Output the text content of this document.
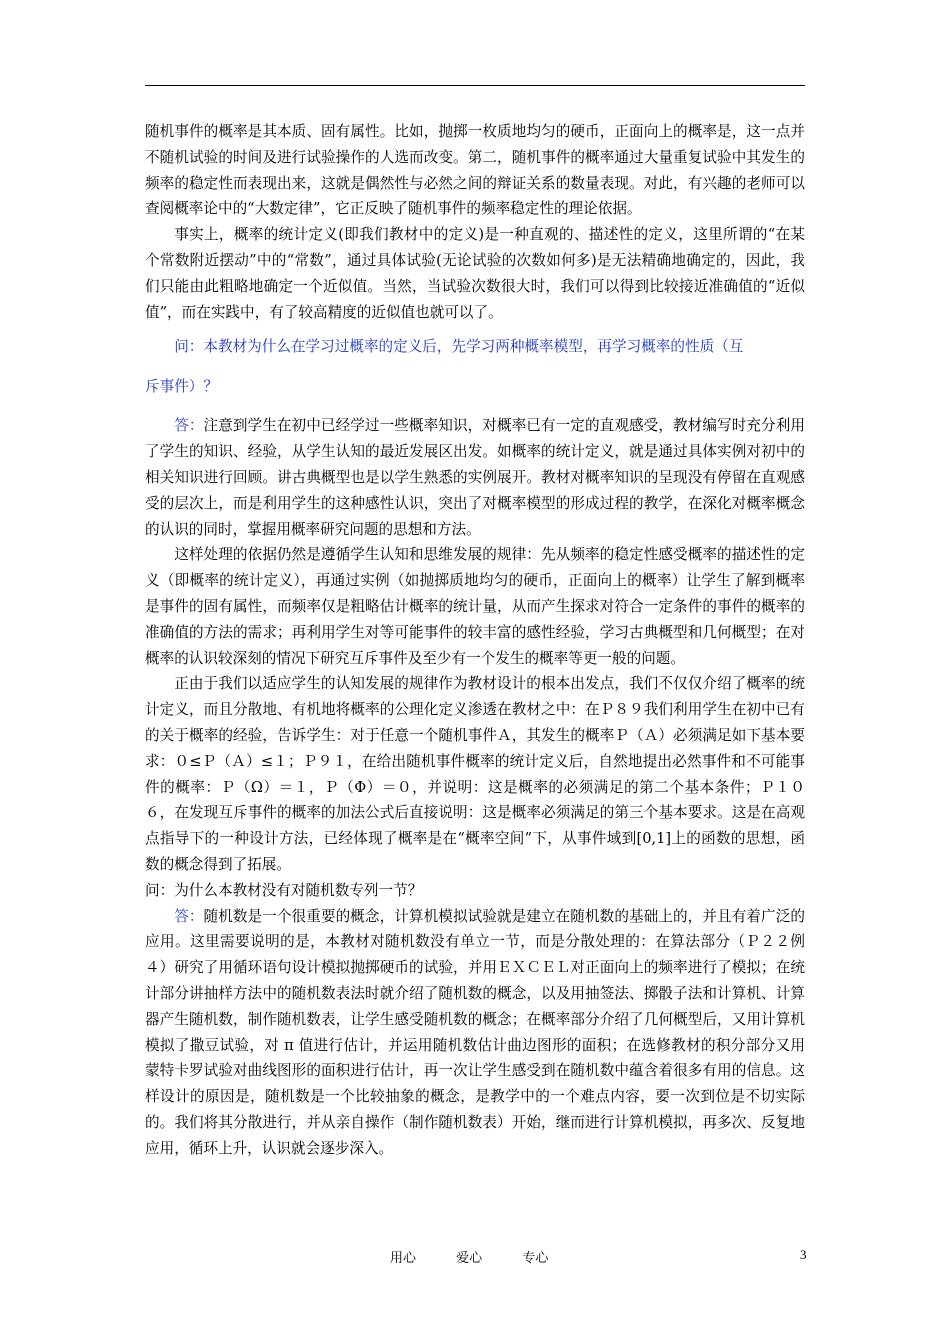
随机事件的概率是其本质、固有属性。比如，抛掷一枚质地均匀的硬币，正面向上的概率是，这一点并不随机试验的时间及进行试验操作的人选而改变。第二，随机事件的概率通过大量重复试验中其发生的频率的稳定性而表现出来，这就是偶然性与必然之间的辩证关系的数量表现。对此，有兴趣的老师可以查阅概率论中的“大数定律”，它正反映了随机事件的频率稳定性的理论依据。

事实上，概率的统计定义(即我们教材中的定义)是一种直观的、描述性的定义，这里所谓的“在某个常数附近摆动”中的“常数”，通过具体试验(无论试验的次数如何多)是无法精确地确定的，因此，我们只能由此粗略地确定一个近似值。当然，当试验次数很大时，我们可以得到比较接近准确值的“近似值”，而在实践中，有了较高精度的近似值也就可以了。

问：本教材为什么在学习过概率的定义后，先学习两种概率模型，再学习概率的性质（互

斥事件）？

答：注意到学生在初中已经学过一些概率知识，对概率已有一定的直观感受，教材编写时充分利用了学生的知识、经验，从学生认知的最近发展区出发。如概率的统计定义，就是通过具体实例对初中的相关知识进行回顾。讲古典概型也是以学生熟悉的实例展开。教材对概率知识的呈现没有停留在直观感受的层次上，而是利用学生的这种感性认识，突出了对概率模型的形成过程的教学，在深化对概率概念的认识的同时，掌握用概率研究问题的思想和方法。

这样处理的依据仍然是遵循学生认知和思维发展的规律：先从频率的稳定性感受概率的描述性的定义（即概率的统计定义），再通过实例（如抛掷质地均匀的硬币，正面向上的概率）让学生了解到概率是事件的固有属性，而频率仅是粗略估计概率的统计量，从而产生探求对符合一定条件的事件的概率的准确值的方法的需求；再利用学生对等可能事件的较丰富的感性经验，学习古典概型和几何概型；在对概率的认识较深刻的情况下研究互斥事件及至少有一个发生的概率等更一般的问题。

正由于我们以适应学生的认知发展的规律作为教材设计的根本出发点，我们不仅仅介绍了概率的统计定义，而且分散地、有机地将概率的公理化定义渗透在教材之中：在Ｐ８９我们利用学生在初中已有的关于概率的经验，告诉学生：对于任意一个随机事件Ａ，其发生的概率Ｐ（Ａ）必须满足如下基本要求：０≤Ｐ（Ａ）≤１；Ｐ９１，在给出随机事件概率的统计定义后，自然地提出必然事件和不可能事件的概率：Ｐ（Ω）＝１，Ｐ（Φ）＝０，并说明：这是概率的必须满足的第二个基本条件；Ｐ１０６，在发现互斥事件的概率的加法公式后直接说明：这是概率必须满足的第三个基本要求。这是在高观点指导下的一种设计方法，已经体现了概率是在“概率空间”下，从事件域到[0,1]上的函数的思想，函数的概念得到了拓展。

问：为什么本教材没有对随机数专列一节？

答：随机数是一个很重要的概念，计算机模拟试验就是建立在随机数的基础上的，并且有着广泛的应用。这里需要说明的是，本教材对随机数没有单立一节，而是分散处理的：在算法部分（Ｐ２２例４）研究了用循环语句设计模拟抛掷硬币的试验，并用ＥＸＣＥＬ对正面向上的频率进行了模拟；在统计部分讲抽样方法中的随机数表法时就介绍了随机数的概念，以及用抽签法、掷骰子法和计算机、计算器产生随机数，制作随机数表，让学生感受随机数的概念；在概率部分介绍了几何概型后，又用计算机模拟了撒豆试验，对 π 值进行估计，并运用随机数估计曲边图形的面积；在选修教材的积分部分又用蒙特卡罗试验对曲线图形的面积进行估计，再一次让学生感受到在随机数中蕴含着很多有用的信息。这样设计的原因是，随机数是一个比较抽象的概念，是教学中的一个难点内容，要一次到位是不切实际的。我们将其分散进行，并从亲自操作（制作随机数表）开始，继而进行计算机模拟，再多次、反复地应用，循环上升，认识就会逐步深入。

用心	爱心	专心	3
